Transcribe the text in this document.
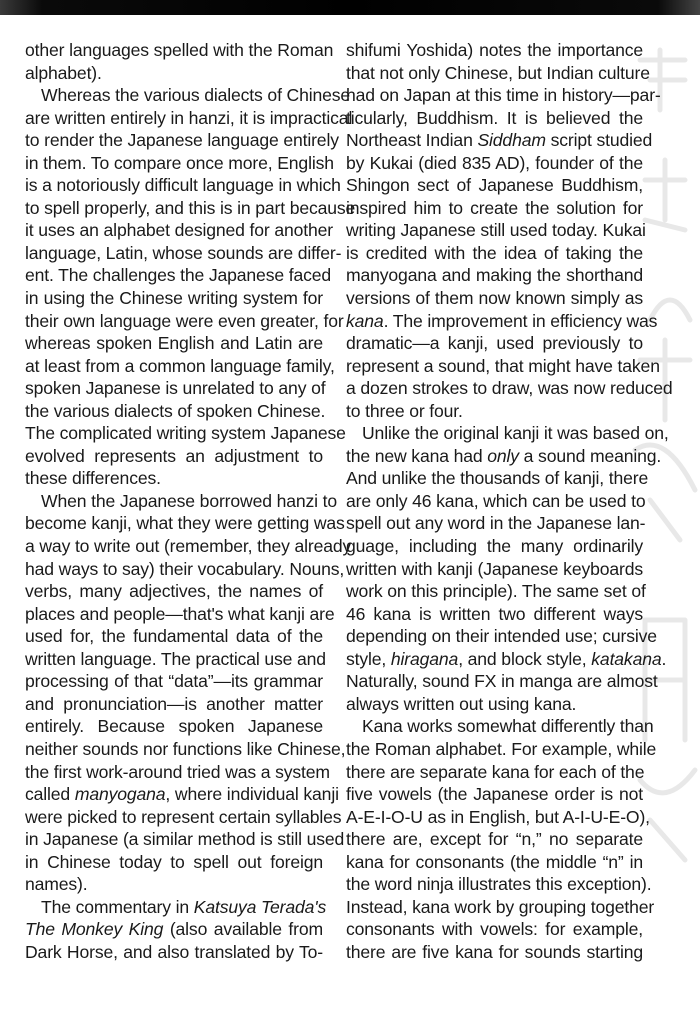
other languages spelled with the Roman
alphabet).
Whereas the various dialects of Chinese
are written entirely in hanzi, it is impractical
to render the Japanese language entirely
in them. To compare once more, English
is a notoriously difficult language in which
to spell properly, and this is in part because
it uses an alphabet designed for another
language, Latin, whose sounds are differ-
ent. The challenges the Japanese faced
in using the Chinese writing system for
their own language were even greater, for
whereas spoken English and Latin are
at least from a common language family,
spoken Japanese is unrelated to any of
the various dialects of spoken Chinese.
The complicated writing system Japanese
evolved represents an adjustment to
these differences.
When the Japanese borrowed hanzi to
become kanji, what they were getting was
a way to write out (remember, they already
had ways to say) their vocabulary. Nouns,
verbs, many adjectives, the names of
places and people—that's what kanji are
used for, the fundamental data of the
written language. The practical use and
processing of that “data”—its grammar
and pronunciation—is another matter
entirely. Because spoken Japanese
neither sounds nor functions like Chinese,
the first work-around tried was a system
called manyogana, where individual kanji
were picked to represent certain syllables
in Japanese (a similar method is still used
in Chinese today to spell out foreign
names).
The commentary in Katsuya Terada's
The Monkey King (also available from
Dark Horse, and also translated by To-
shifumi Yoshida) notes the importance
that not only Chinese, but Indian culture
had on Japan at this time in history—par-
ticularly, Buddhism. It is believed the
Northeast Indian Siddham script studied
by Kukai (died 835 AD), founder of the
Shingon sect of Japanese Buddhism,
inspired him to create the solution for
writing Japanese still used today. Kukai
is credited with the idea of taking the
manyogana and making the shorthand
versions of them now known simply as
kana. The improvement in efficiency was
dramatic—a kanji, used previously to
represent a sound, that might have taken
a dozen strokes to draw, was now reduced
to three or four.
Unlike the original kanji it was based on,
the new kana had only a sound meaning.
And unlike the thousands of kanji, there
are only 46 kana, which can be used to
spell out any word in the Japanese lan-
guage, including the many ordinarily
written with kanji (Japanese keyboards
work on this principle). The same set of
46 kana is written two different ways
depending on their intended use; cursive
style, hiragana, and block style, katakana.
Naturally, sound FX in manga are almost
always written out using kana.
Kana works somewhat differently than
the Roman alphabet. For example, while
there are separate kana for each of the
five vowels (the Japanese order is not
A-E-I-O-U as in English, but A-I-U-E-O),
there are, except for “n,” no separate
kana for consonants (the middle “n” in
the word ninja illustrates this exception).
Instead, kana work by grouping together
consonants with vowels: for example,
there are five kana for sounds starting
